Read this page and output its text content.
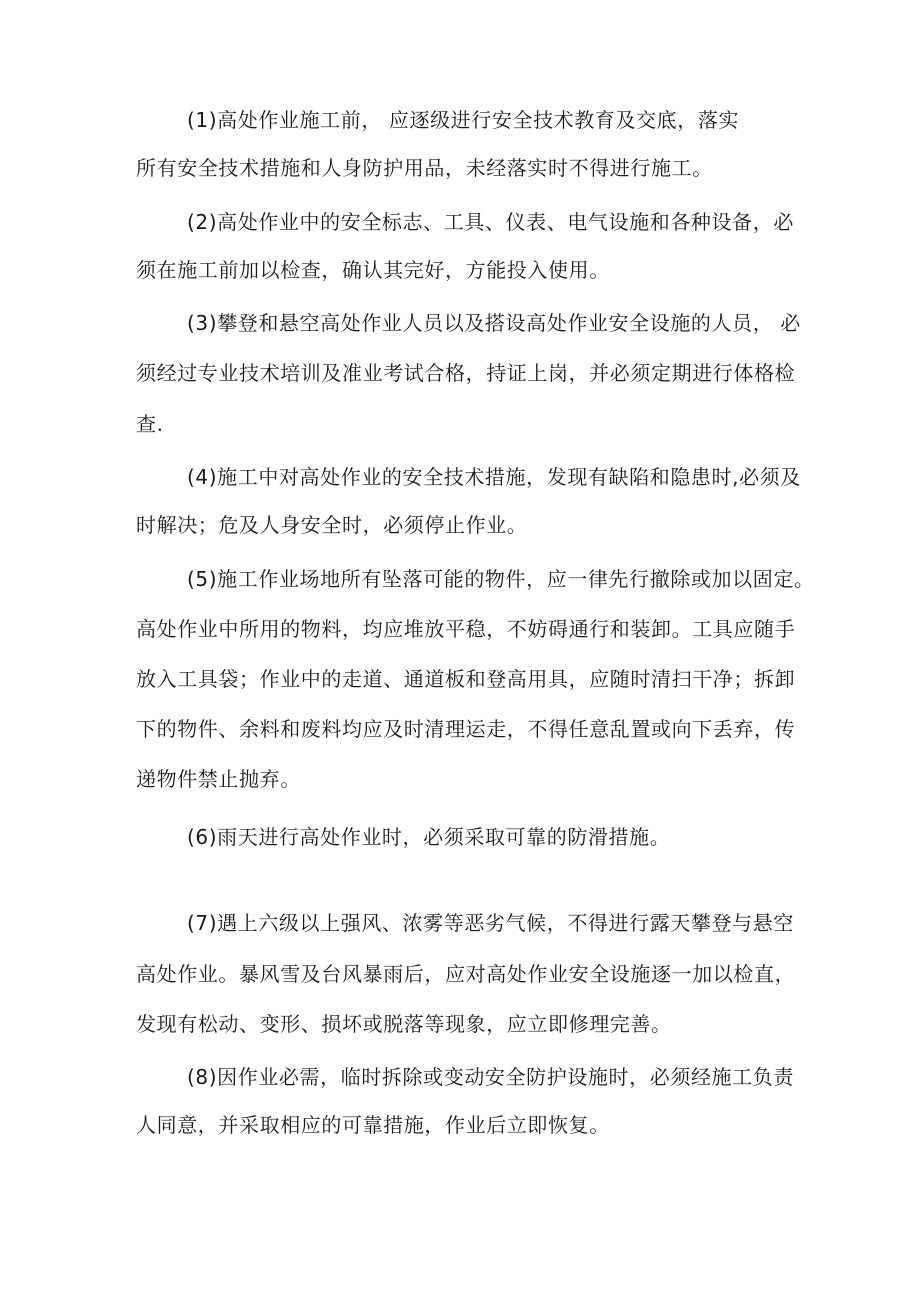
(1)高处作业施工前， 应逐级进行安全技术教育及交底，落实
所有安全技术措施和人身防护用品，未经落实时不得进行施工。
(2)高处作业中的安全标志、工具、仪表、电气设施和各种设备，必
须在施工前加以检查，确认其完好，方能投入使用。
(3)攀登和悬空高处作业人员以及搭设高处作业安全设施的人员， 必
须经过专业技术培训及准业考试合格，持证上岗，并必须定期进行体格检
查.
(4)施工中对高处作业的安全技术措施，发现有缺陷和隐患时,必须及
时解决；危及人身安全时，必须停止作业。
(5)施工作业场地所有坠落可能的物件，应一律先行撤除或加以固定。
高处作业中所用的物料，均应堆放平稳，不妨碍通行和装卸。工具应随手
放入工具袋；作业中的走道、通道板和登高用具，应随时清扫干净；拆卸
下的物件、余料和废料均应及时清理运走，不得任意乱置或向下丢弃，传
递物件禁止抛弃。
(6)雨天进行高处作业时，必须采取可靠的防滑措施。
(7)遇上六级以上强风、浓雾等恶劣气候，不得进行露天攀登与悬空
高处作业。暴风雪及台风暴雨后，应对高处作业安全设施逐一加以检直，
发现有松动、变形、损坏或脱落等现象，应立即修理完善。
(8)因作业必需，临时拆除或变动安全防护设施时，必须经施工负责
人同意，并采取相应的可靠措施，作业后立即恢复。
